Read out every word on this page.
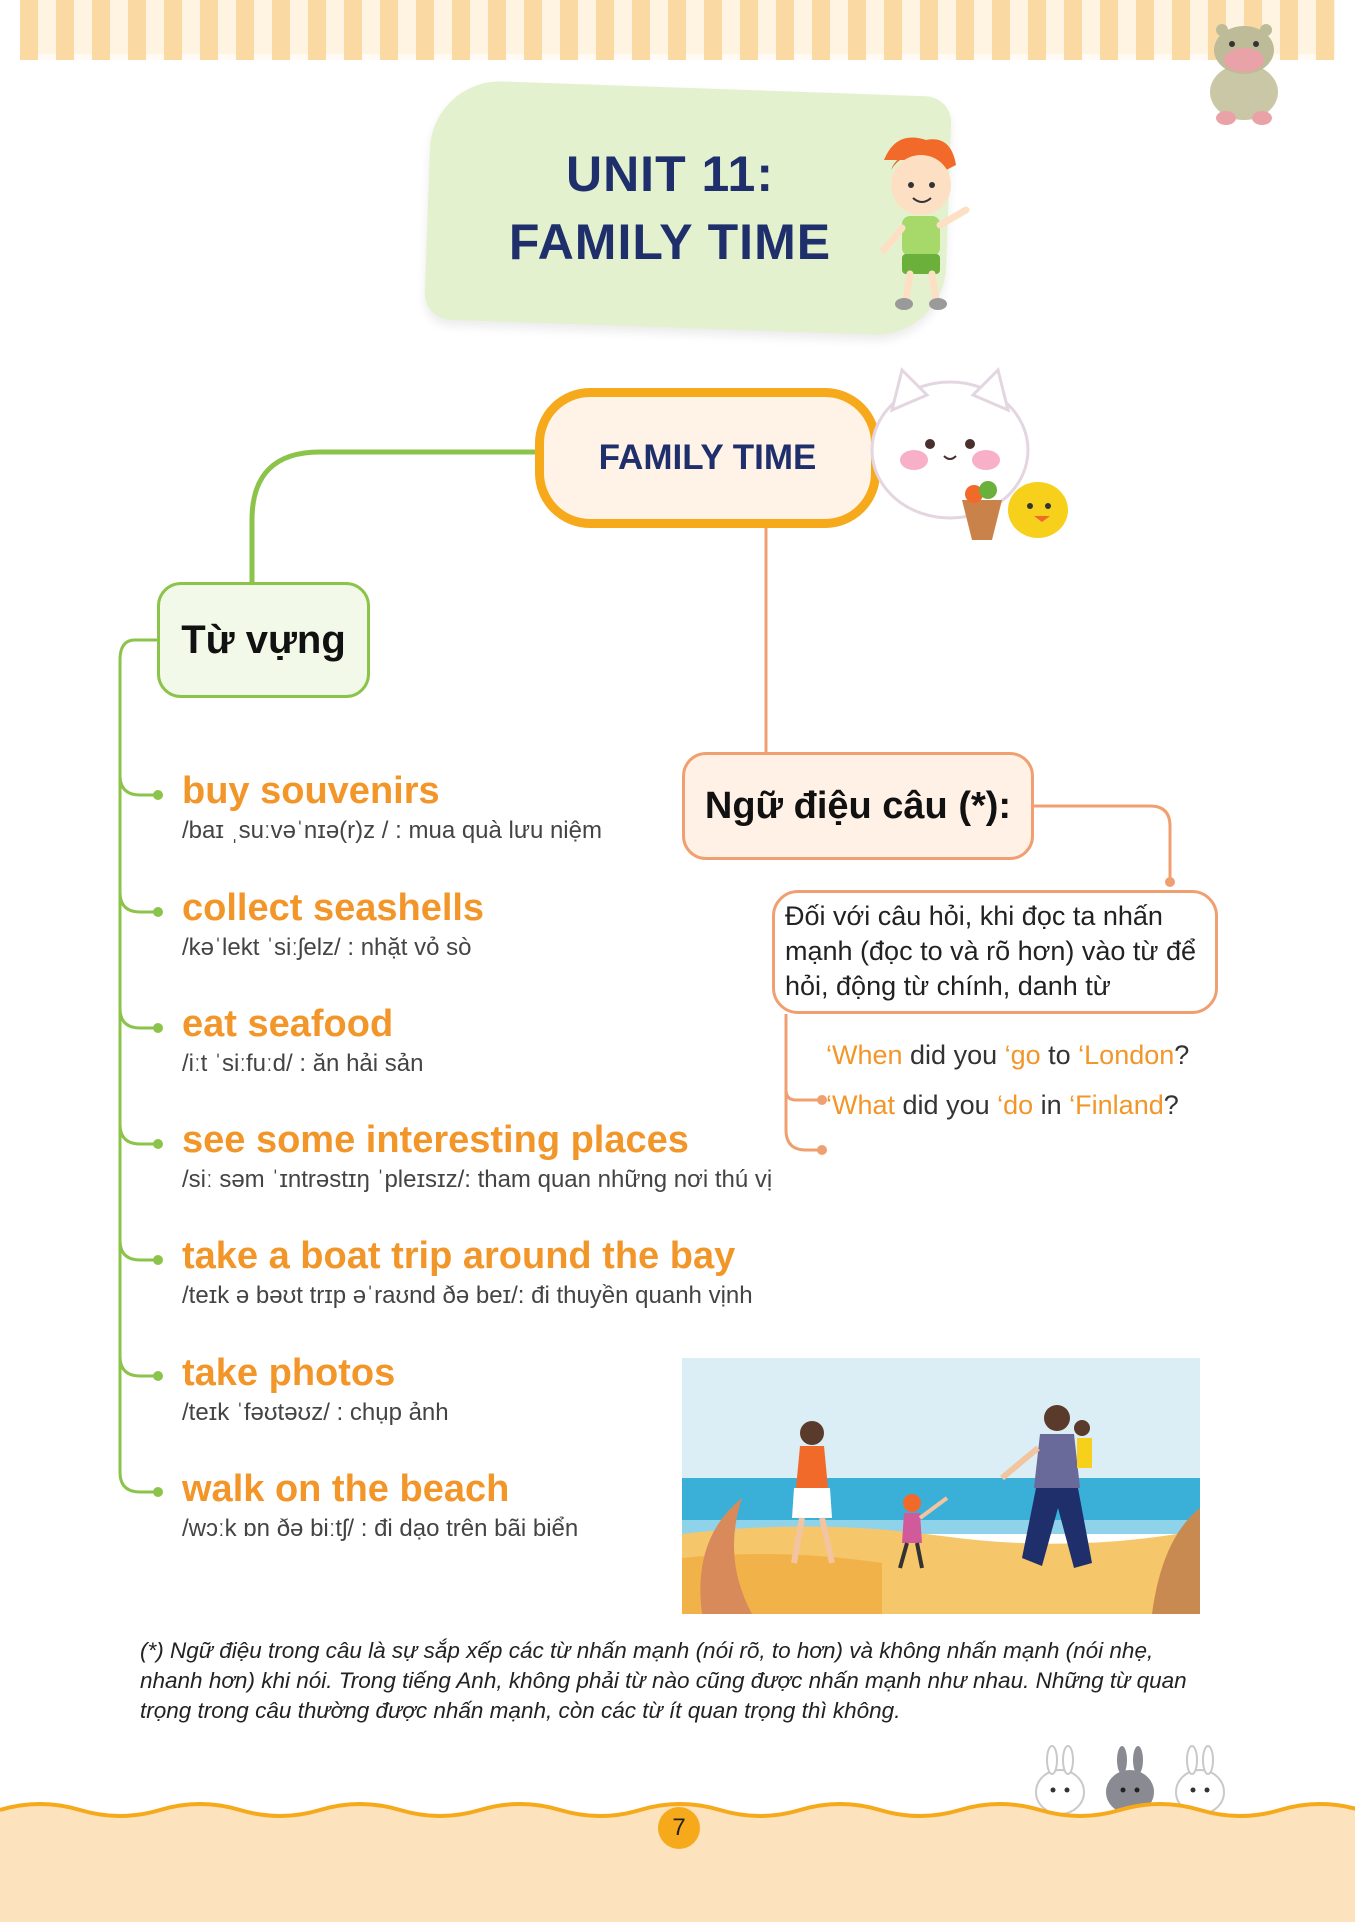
UNIT 11:
FAMILY TIME
FAMILY TIME
Từ vựng
Ngữ điệu câu (*):
Đối với câu hỏi, khi đọc ta nhấn mạnh (đọc to và rõ hơn) vào từ để hỏi, động từ chính, danh từ
‘When did you ‘go to ‘London?
‘What did you ‘do in ‘Finland?
buy souvenirs
/baɪ ˌsuːvəˈnɪə(r)z / : mua quà lưu niệm
collect seashells
/kəˈlekt ˈsiːʃelz/ : nhặt vỏ sò
eat seafood
/iːt ˈsiːfuːd/ : ăn hải sản
see some interesting places
/siː səm ˈɪntrəstɪŋ ˈpleɪsɪz/: tham quan những nơi thú vị
take a boat trip around the bay
/teɪk ə bəʊt trɪp əˈraʊnd ðə beɪ/: đi thuyền quanh vịnh
take photos
/teɪk ˈfəʊtəʊz/ : chụp ảnh
walk on the beach
/wɔːk ɒn ðə biːtʃ/ : đi dạo trên bãi biển
(*) Ngữ điệu trong câu là sự sắp xếp các từ nhấn mạnh (nói rõ, to hơn) và không nhấn mạnh (nói nhẹ, nhanh hơn) khi nói. Trong tiếng Anh, không phải từ nào cũng được nhấn mạnh như nhau. Những từ quan trọng trong câu thường được nhấn mạnh, còn các từ ít quan trọng thì không.
7
